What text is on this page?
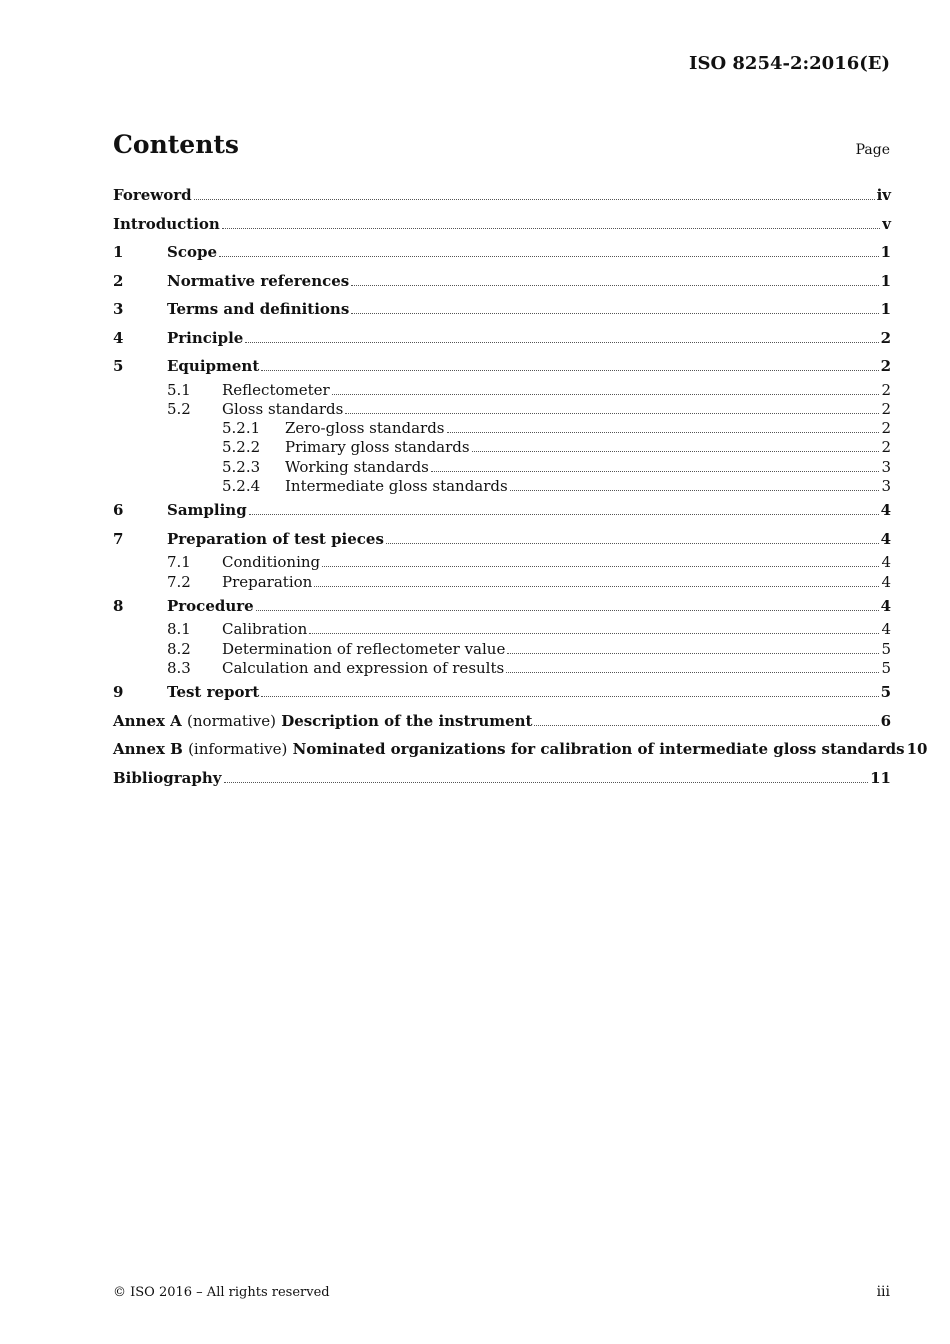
ISO 8254-2:2016(E)
Contents	Page
Foreword	iv
Introduction	v
1	Scope	1
2	Normative references	1
3	Terms and definitions	1
4	Principle	2
5	Equipment	2
5.1	Reflectometer	2
5.2	Gloss standards	2
5.2.1	Zero-gloss standards	2
5.2.2	Primary gloss standards	2
5.2.3	Working standards	3
5.2.4	Intermediate gloss standards	3
6	Sampling	4
7	Preparation of test pieces	4
7.1	Conditioning	4
7.2	Preparation	4
8	Procedure	4
8.1	Calibration	4
8.2	Determination of reflectometer value	5
8.3	Calculation and expression of results	5
9	Test report	5
Annex A (normative) Description of the instrument	6
Annex B (informative) Nominated organizations for calibration of intermediate gloss standards 10
Bibliography	11
© ISO 2016 – All rights reserved	iii
